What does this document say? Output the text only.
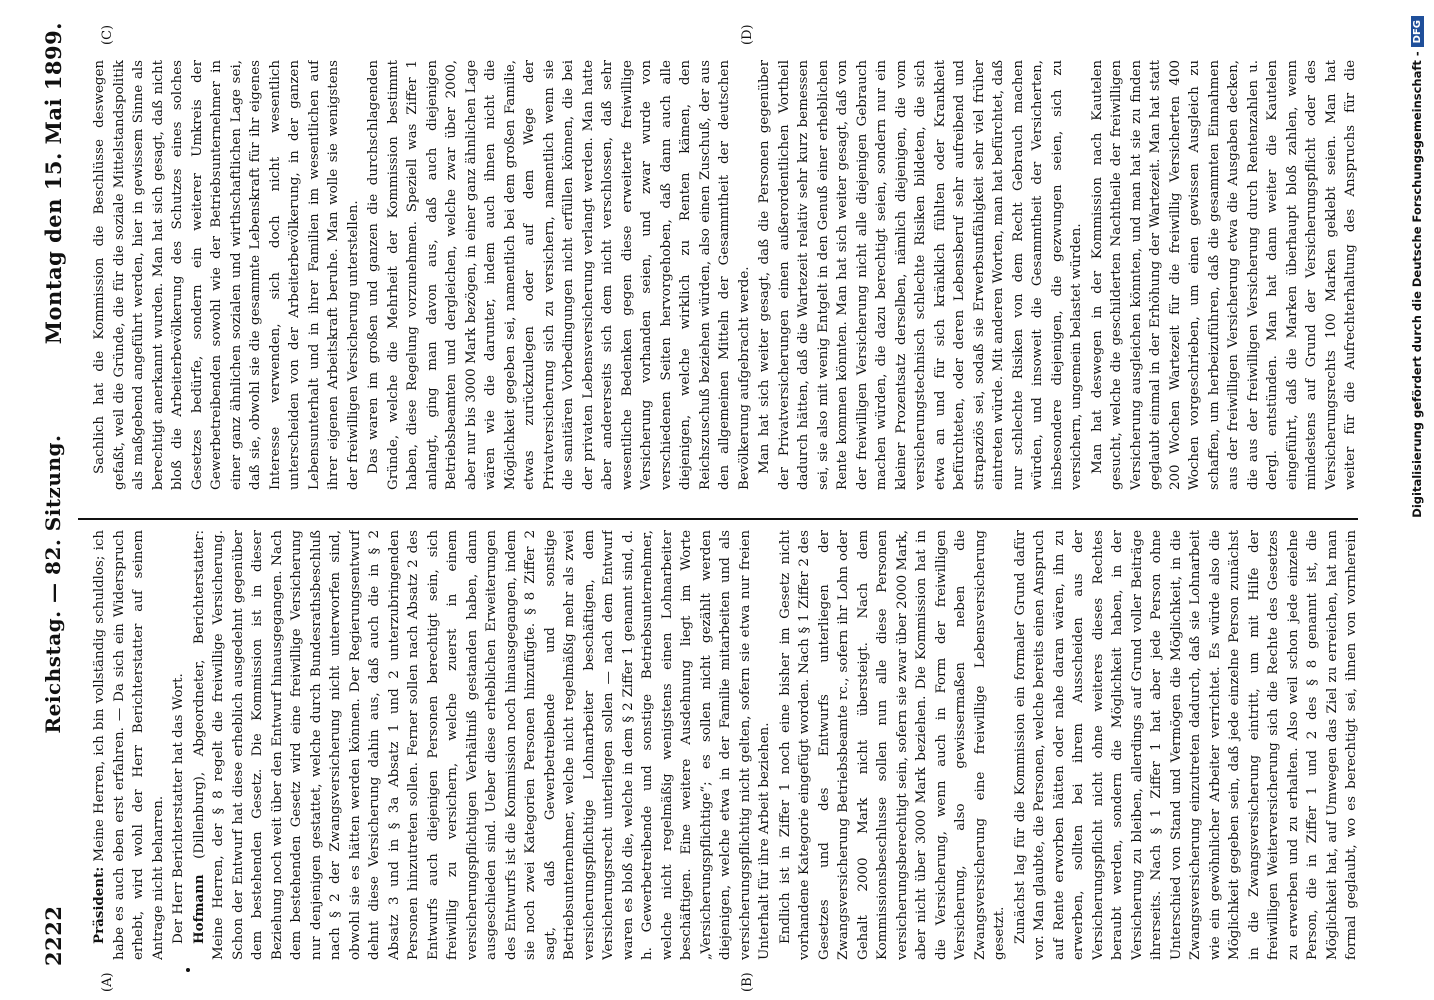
2222
Reichstag. — 82. Sitzung.
Montag den 15. Mai 1899.
(A)	(B)
(C)	(D)

Präsident: Meine Herren, ich bin vollständig schuldlos; ich habe es auch eben erst erfahren. — Da sich ein Widerspruch erhebt, wird wohl der Herr Berichterstatter auf seinem Antrage nicht beharren. Der Herr Berichterstatter hat das Wort. Hofmann (Dillenburg), Abgeordneter, Berichterstatter: Meine Herren, der § 8 regelt die freiwillige Versicherung. Schon der Entwurf hat diese erheblich ausgedehnt gegenüber dem bestehenden Gesetz. Die Kommission ist in dieser Beziehung noch weit über den Entwurf hinausgegangen. Nach dem bestehenden Gesetz wird eine freiwillige Versicherung nur denjenigen gestattet, welche durch Bundesrathsbeschluß nach § 2 der Zwangsversicherung nicht unterworfen sind, obwohl sie es hätten werden können. Der Regierungsentwurf dehnt diese Versicherung dahin aus, daß auch die in § 2 Absatz 3 und in § 3a Absatz 1 und 2 unterzubringenden Personen hinzutreten sollen. Ferner sollen nach Absatz 2 des Entwurfs auch diejenigen Personen berechtigt sein, sich freiwillig zu versichern, welche zuerst in einem versicherungspflichtigen Verhältniß gestanden haben, dann ausgeschieden sind. Ueber diese erheblichen Erweiterungen des Entwurfs ist die Kommission noch hinausgegangen, indem sie noch zwei Kategorien Personen hinzufügte. § 8 Ziffer 2 sagt, daß Gewerbetreibende und sonstige Betriebsunternehmer, welche nicht regelmäßig mehr als zwei versicherungspflichtige Lohnarbeiter beschäftigen, dem Versicherungsrecht unterliegen sollen — nach dem Entwurf waren es bloß die, welche in dem § 2 Ziffer 1 genannt sind, d. h. Gewerbetreibende und sonstige Betriebsunternehmer, welche nicht regelmäßig wenigstens einen Lohnarbeiter beschäftigen. Eine weitere Ausdehnung liegt im Worte „Versicherungspflichtige“; es sollen nicht gezählt werden diejenigen, welche etwa in der Familie mitarbeiten und als versicherungspflichtig nicht gelten, sofern sie etwa nur freien Unterhalt für ihre Arbeit beziehen. Endlich ist in Ziffer 1 noch eine bisher im Gesetz nicht vorhandene Kategorie eingefügt worden. Nach § 1 Ziffer 2 des Gesetzes und des Entwurfs unterliegen der Zwangsversicherung Betriebsbeamte rc., sofern ihr Lohn oder Gehalt 2000 Mark nicht übersteigt. Nach dem Kommissionsbeschlusse sollen nun alle diese Personen versicherungsberechtigt sein, sofern sie zwar über 2000 Mark, aber nicht über 3000 Mark beziehen. Die Kommission hat in die Versicherung, wenn auch in Form der freiwilligen Versicherung, also gewissermaßen neben die Zwangsversicherung eine freiwillige Lebensversicherung gesetzt. Zunächst lag für die Kommission ein formaler Grund dafür vor. Man glaubte, die Personen, welche bereits einen Anspruch auf Rente erworben hätten oder nahe daran wären, ihn zu erwerben, sollten bei ihrem Ausscheiden aus der Versicherungspflicht nicht ohne weiteres dieses Rechtes beraubt werden, sondern die Möglichkeit haben, in der Versicherung zu bleiben, allerdings auf Grund voller Beiträge ihrerseits. Nach § 1 Ziffer 1 hat aber jede Person ohne Unterschied von Stand und Vermögen die Möglichkeit, in die Zwangsversicherung einzutreten dadurch, daß sie Lohnarbeit wie ein gewöhnlicher Arbeiter verrichtet. Es würde also die Möglichkeit gegeben sein, daß jede einzelne Person zunächst in die Zwangsversicherung eintritt, um mit Hilfe der freiwilligen Weiterversicherung sich die Rechte des Gesetzes zu erwerben und zu erhalten. Also weil schon jede einzelne Person, die in Ziffer 1 und 2 des § 8 genannt ist, die Möglichkeit hat, auf Umwegen das Ziel zu erreichen, hat man formal geglaubt, wo es berechtigt sei, ihnen von vornherein

Sachlich hat die Kommission die Beschlüsse deswegen gefaßt, weil die Gründe, die für die soziale Mittelstandspolitik als maßgebend angeführt werden, hier in gewissem Sinne als berechtigt anerkannt wurden. Man hat sich gesagt, daß nicht bloß die Arbeiterbevölkerung des Schutzes eines solches Gesetzes bedürfe, sondern ein weiterer Umkreis der Gewerbetreibenden sowohl wie der Betriebsunternehmer in einer ganz ähnlichen sozialen und wirthschaftlichen Lage sei, daß sie, obwohl sie die gesammte Lebenskraft für ihr eigenes Interesse verwenden, sich doch nicht wesentlich unterscheiden von der Arbeiterbevölkerung, in der ganzen Lebensunterhalt und in ihrer Familien im wesentlichen auf ihrer eigenen Arbeitskraft beruhe. Man wolle sie wenigstens der freiwilligen Versicherung unterstellen. Das waren im großen und ganzen die durchschlagenden Gründe, welche die Mehrheit der Kommission bestimmt haben, diese Regelung vorzunehmen. Speziell was Ziffer 1 anlangt, ging man davon aus, daß auch diejenigen Betriebsbeamten und dergleichen, welche zwar über 2000, aber nur bis 3000 Mark bezögen, in einer ganz ähnlichen Lage wären wie die darunter, indem auch ihnen nicht die Möglichkeit gegeben sei, namentlich bei dem großen Familie, etwas zurückzulegen oder auf dem Wege der Privatversicherung sich zu versichern, namentlich wenn sie die sanitären Vorbedingungen nicht erfüllen können, die bei der privaten Lebensversicherung verlangt werden. Man hatte aber andererseits sich dem nicht verschlossen, daß sehr wesentliche Bedenken gegen diese erweiterte freiwillige Versicherung vorhanden seien, und zwar wurde von verschiedenen Seiten hervorgehoben, daß dann auch alle diejenigen, welche wirklich zu Renten kämen, den Reichszuschuß beziehen würden, also einen Zuschuß, der aus den allgemeinen Mitteln der Gesammtheit der deutschen Bevölkerung aufgebracht werde. Man hat sich weiter gesagt, daß die Personen gegenüber der Privatversicherungen einen außerordentlichen Vortheil dadurch hätten, daß die Wartezeit relativ sehr kurz bemessen sei, sie also mit wenig Entgelt in den Genuß einer erheblichen Rente kommen könnten. Man hat sich weiter gesagt, daß von der freiwilligen Versicherung nicht alle diejenigen Gebrauch machen würden, die dazu berechtigt seien, sondern nur ein kleiner Prozentsatz derselben, nämlich diejenigen, die vom versicherungstechnisch schlechte Risiken bildeten, die sich etwa an und für sich kränklich fühlten oder Krankheit befürchteten, oder deren Lebensberuf sehr aufreibend und strapaziös sei, sodaß sie Erwerbsunfähigkeit sehr viel früher eintreten würde. Mit anderen Worten, man hat befürchtet, daß nur schlechte Risiken von dem Recht Gebrauch machen würden, und insoweit die Gesammtheit der Versicherten, insbesondere diejenigen, die gezwungen seien, sich zu versichern, ungemein belastet würden. Man hat deswegen in der Kommission nach Kautelen gesucht, welche die geschilderten Nachtheile der freiwilligen Versicherung ausgleichen könnten, und man hat sie zu finden geglaubt einmal in der Erhöhung der Wartezeit. Man hat statt 200 Wochen Wartezeit für die freiwillig Versicherten 400 Wochen vorgeschrieben, um einen gewissen Ausgleich zu schaffen, um herbeizuführen, daß die gesammten Einnahmen aus der freiwilligen Versicherung etwa die Ausgaben decken, die aus der freiwilligen Versicherung durch Rentenzahlen u. dergl. entstünden. Man hat dann weiter die Kautelen eingeführt, daß die Marken überhaupt bloß zahlen, wenn mindestens auf Grund der Versicherungspflicht oder des Versicherungsrechts 100 Marken geklebt seien. Man hat weiter für die Aufrechterhaltung des Anspruchs für die	Digitalisierung gefördert durch die Deutsche Forschungsgemeinschaft -
DFG
